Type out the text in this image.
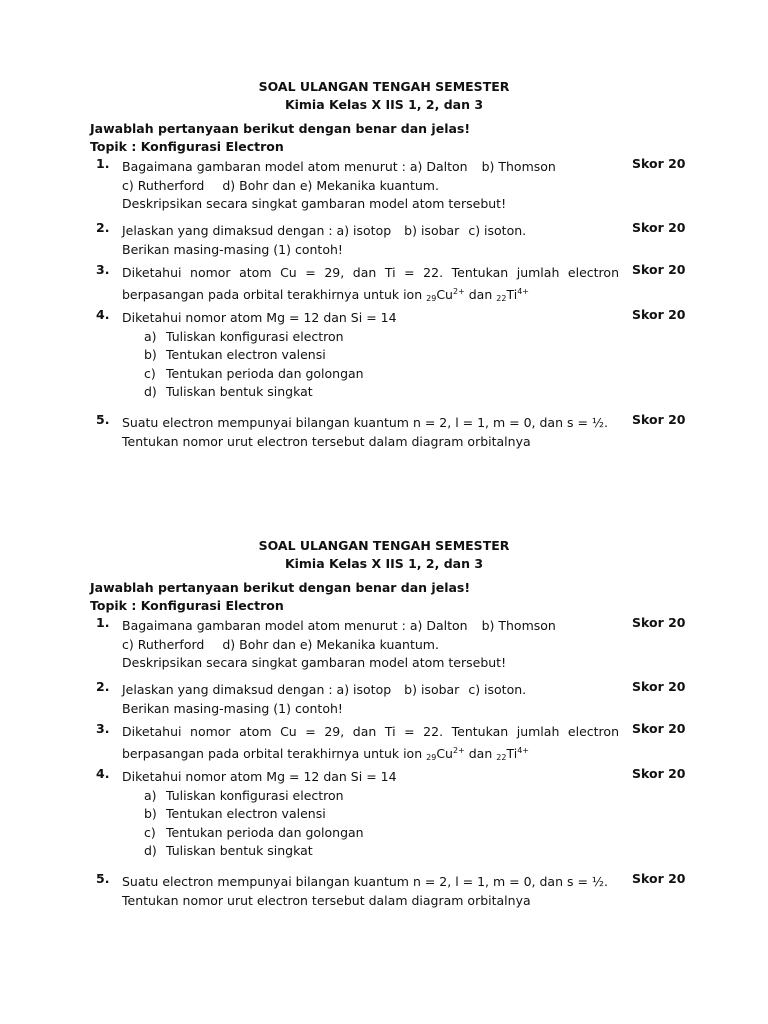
SOAL ULANGAN TENGAH SEMESTER
Kimia Kelas X IIS 1, 2, dan 3
Jawablah pertanyaan berikut dengan benar dan jelas!
Topik : Konfigurasi Electron
1. Bagaimana gambaran model atom menurut : a) Dalton b) Thomson
c) Rutherford d) Bohr dan e) Mekanika kuantum.
Deskripsikan secara singkat gambaran model atom tersebut!
Skor 20
2. Jelaskan yang dimaksud dengan : a) isotop b) isobar c) isoton.
Berikan masing-masing (1) contoh!
Skor 20
3. Diketahui nomor atom Cu = 29, dan Ti = 22. Tentukan jumlah electron
berpasangan pada orbital terakhirnya untuk ion $_{29}Cu^{2+}$ dan $_{22}Ti^{4+}$
Skor 20
4. Diketahui nomor atom Mg = 12 dan Si = 14
a) Tuliskan konfigurasi electron
b) Tentukan electron valensi
c) Tentukan perioda dan golongan
d) Tuliskan bentuk singkat
Skor 20
5. Suatu electron mempunyai bilangan kuantum n = 2, l = 1, m = 0, dan s = ½.
Tentukan nomor urut electron tersebut dalam diagram orbitalnya
Skor 20
SOAL ULANGAN TENGAH SEMESTER
Kimia Kelas X IIS 1, 2, dan 3
Jawablah pertanyaan berikut dengan benar dan jelas!
Topik : Konfigurasi Electron
1. Bagaimana gambaran model atom menurut : a) Dalton b) Thomson
c) Rutherford d) Bohr dan e) Mekanika kuantum.
Deskripsikan secara singkat gambaran model atom tersebut!
Skor 20
2. Jelaskan yang dimaksud dengan : a) isotop b) isobar c) isoton.
Berikan masing-masing (1) contoh!
Skor 20
3. Diketahui nomor atom Cu = 29, dan Ti = 22. Tentukan jumlah electron
berpasangan pada orbital terakhirnya untuk ion $_{29}Cu^{2+}$ dan $_{22}Ti^{4+}$
Skor 20
4. Diketahui nomor atom Mg = 12 dan Si = 14
a) Tuliskan konfigurasi electron
b) Tentukan electron valensi
c) Tentukan perioda dan golongan
d) Tuliskan bentuk singkat
Skor 20
5. Suatu electron mempunyai bilangan kuantum n = 2, l = 1, m = 0, dan s = ½.
Tentukan nomor urut electron tersebut dalam diagram orbitalnya
Skor 20
